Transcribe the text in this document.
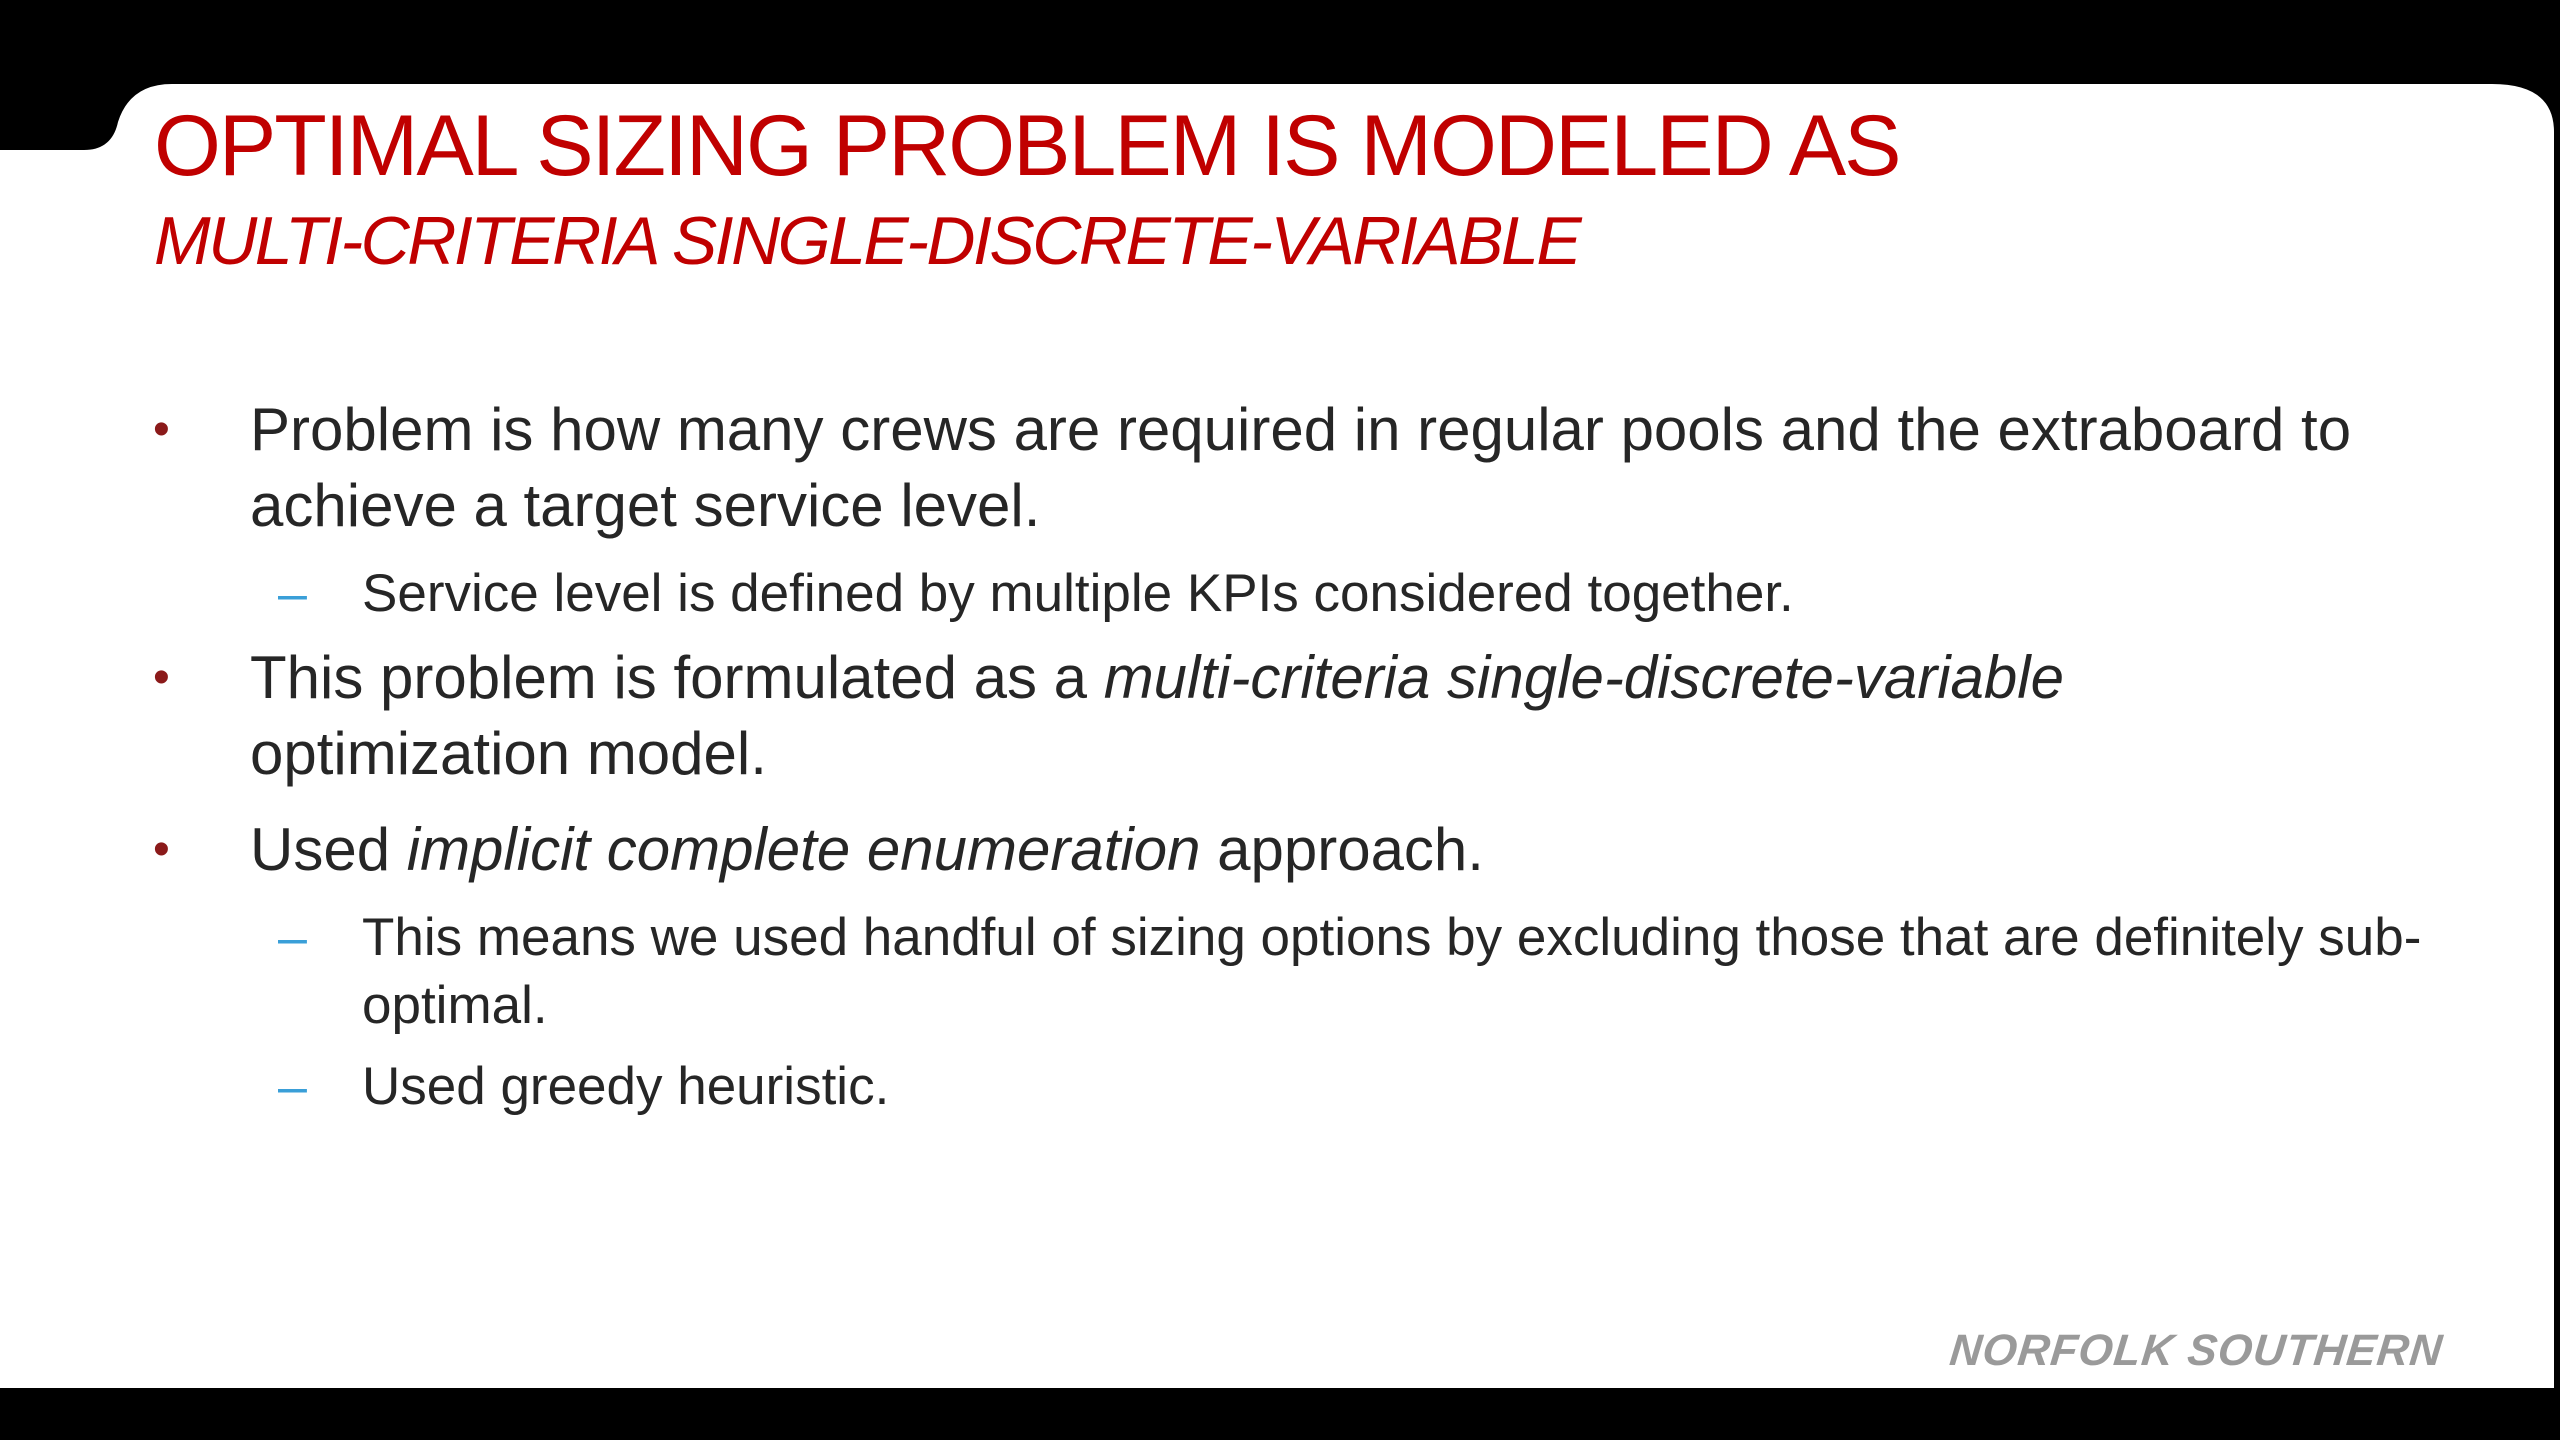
OPTIMAL SIZING PROBLEM IS MODELED AS
MULTI-CRITERIA SINGLE-DISCRETE-VARIABLE
• Problem is how many crews are required in regular pools and the extraboard to achieve a target service level.
– Service level is defined by multiple KPIs considered together.
• This problem is formulated as a multi-criteria single-discrete-variable optimization model.
• Used implicit complete enumeration approach.
– This means we used handful of sizing options by excluding those that are definitely sub-optimal.
– Used greedy heuristic.
NORFOLK SOUTHERN
